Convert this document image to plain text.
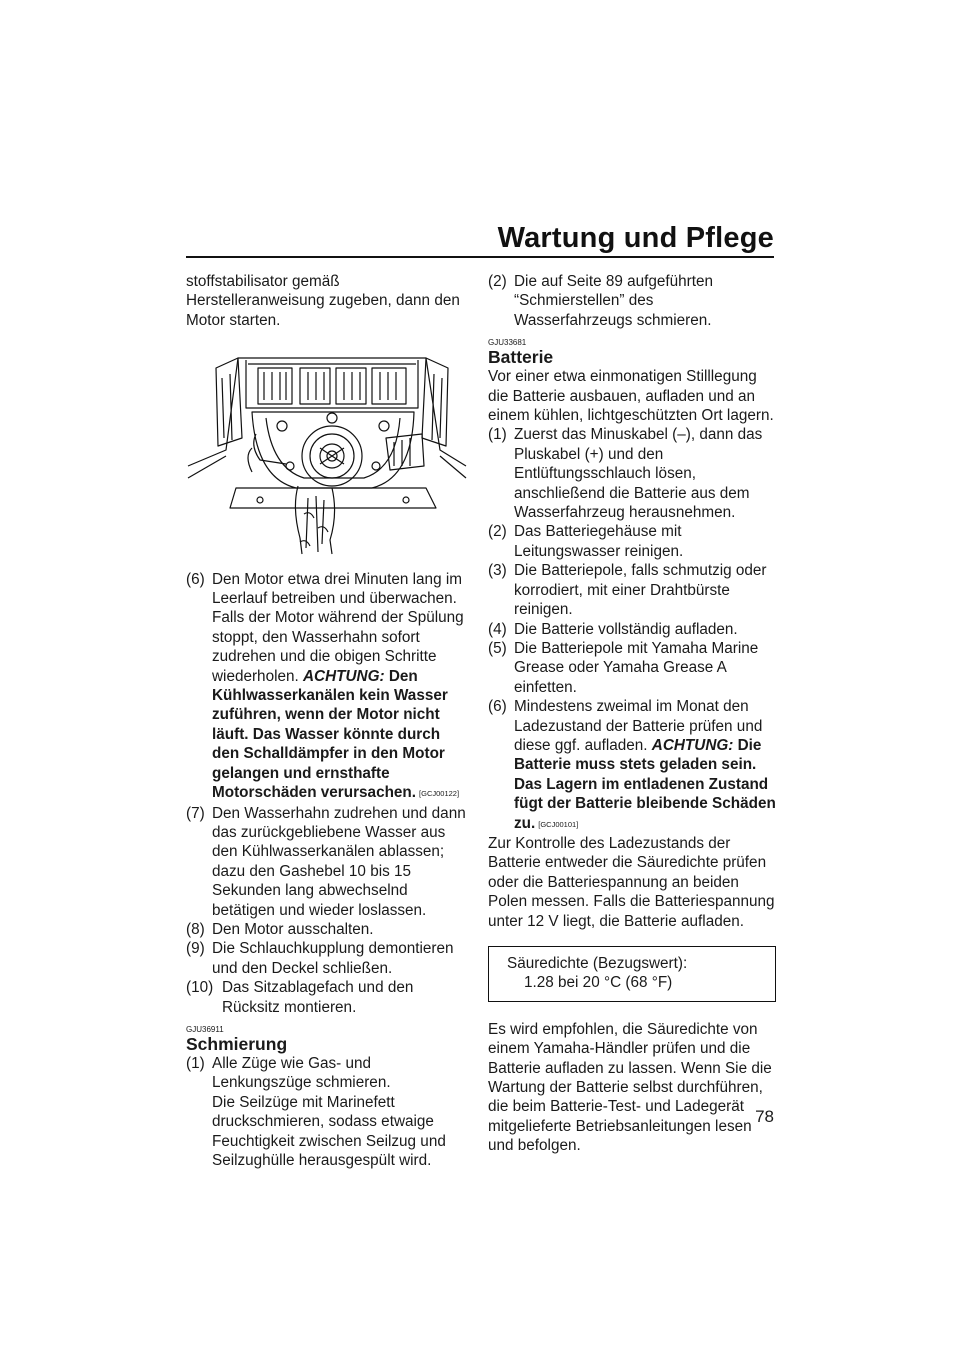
Wartung und Pflege

stoffstabilisator gemäß Herstelleranweisung zugeben, dann den Motor starten.

(6) Den Motor etwa drei Minuten lang im Leerlauf betreiben und überwachen. Falls der Motor während der Spülung stoppt, den Wasserhahn sofort zudrehen und die obigen Schritte wiederholen. ACHTUNG: Den Kühlwasserkanälen kein Wasser zuführen, wenn der Motor nicht läuft. Das Wasser könnte durch den Schalldämpfer in den Motor gelangen und ernsthafte Motorschäden verursachen. [GCJ00122]
(7) Den Wasserhahn zudrehen und dann das zurückgebliebene Wasser aus den Kühlwasserkanälen ablassen; dazu den Gashebel 10 bis 15 Sekunden lang abwechselnd betätigen und wieder loslassen.
(8) Den Motor ausschalten.
(9) Die Schlauchkupplung demontieren und den Deckel schließen.
(10) Das Sitzablagefach und den Rücksitz montieren.
GJU36911
Schmierung
(1) Alle Züge wie Gas- und Lenkungszüge schmieren.
Die Seilzüge mit Marinefett druckschmieren, sodass etwaige Feuchtigkeit zwischen Seilzug und Seilzughülle herausgespült wird.
(2) Die auf Seite 89 aufgeführten “Schmierstellen” des Wasserfahrzeugs schmieren.
GJU33681
Batterie

Vor einer etwa einmonatigen Stilllegung die Batterie ausbauen, aufladen und an einem kühlen, lichtgeschützten Ort lagern.

(1) Zuerst das Minuskabel (–), dann das Pluskabel (+) und den Entlüftungsschlauch lösen, anschließend die Batterie aus dem Wasserfahrzeug herausnehmen.
(2) Das Batteriegehäuse mit Leitungswasser reinigen.
(3) Die Batteriepole, falls schmutzig oder korrodiert, mit einer Drahtbürste reinigen.
(4) Die Batterie vollständig aufladen.
(5) Die Batteriepole mit Yamaha Marine Grease oder Yamaha Grease A einfetten.
(6) Mindestens zweimal im Monat den Ladezustand der Batterie prüfen und diese ggf. aufladen. ACHTUNG: Die Batterie muss stets geladen sein. Das Lagern im entladenen Zustand fügt der Batterie bleibende Schäden zu. [GCJ00101]

Zur Kontrolle des Ladezustands der Batterie entweder die Säuredichte prüfen oder die Batteriespannung an beiden Polen messen. Falls die Batteriespannung unter 12 V liegt, die Batterie aufladen.

Säuredichte (Bezugswert):
1.28 bei 20 °C (68 °F)

Es wird empfohlen, die Säuredichte von einem Yamaha-Händler prüfen und die Batterie aufladen zu lassen. Wenn Sie die Wartung der Batterie selbst durchführen, die beim Batterie-Test- und Ladegerät mitgelieferte Betriebsanleitungen lesen und befolgen.

78
